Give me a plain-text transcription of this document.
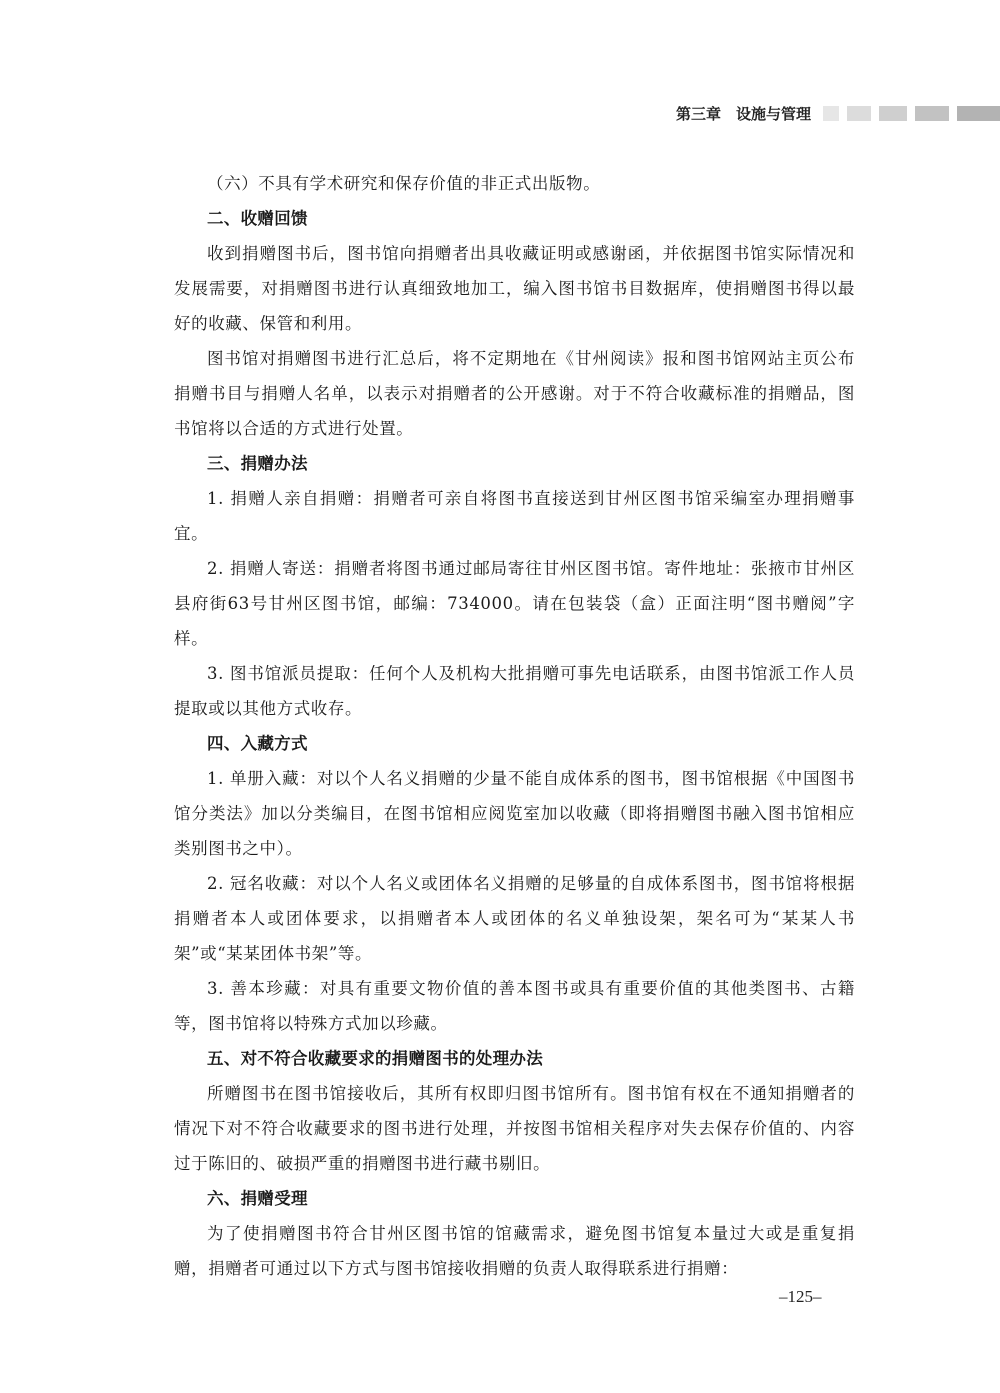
第三章　设施与管理

（六）不具有学术研究和保存价值的非正式出版物。

二、收赠回馈

收到捐赠图书后，图书馆向捐赠者出具收藏证明或感谢函，并依据图书馆实际情况和发展需要，对捐赠图书进行认真细致地加工，编入图书馆书目数据库，使捐赠图书得以最好的收藏、保管和利用。

图书馆对捐赠图书进行汇总后，将不定期地在《甘州阅读》报和图书馆网站主页公布捐赠书目与捐赠人名单，以表示对捐赠者的公开感谢。对于不符合收藏标准的捐赠品，图书馆将以合适的方式进行处置。

三、捐赠办法

1. 捐赠人亲自捐赠：捐赠者可亲自将图书直接送到甘州区图书馆采编室办理捐赠事宜。

2. 捐赠人寄送：捐赠者将图书通过邮局寄往甘州区图书馆。寄件地址：张掖市甘州区县府街63号甘州区图书馆，邮编：734000。请在包装袋（盒）正面注明“图书赠阅”字样。

3. 图书馆派员提取：任何个人及机构大批捐赠可事先电话联系，由图书馆派工作人员提取或以其他方式收存。

四、入藏方式

1. 单册入藏：对以个人名义捐赠的少量不能自成体系的图书，图书馆根据《中国图书馆分类法》加以分类编目，在图书馆相应阅览室加以收藏（即将捐赠图书融入图书馆相应类别图书之中）。

2. 冠名收藏：对以个人名义或团体名义捐赠的足够量的自成体系图书，图书馆将根据捐赠者本人或团体要求，以捐赠者本人或团体的名义单独设架，架名可为“某某人书架”或“某某团体书架”等。

3. 善本珍藏：对具有重要文物价值的善本图书或具有重要价值的其他类图书、古籍等，图书馆将以特殊方式加以珍藏。

五、对不符合收藏要求的捐赠图书的处理办法

所赠图书在图书馆接收后，其所有权即归图书馆所有。图书馆有权在不通知捐赠者的情况下对不符合收藏要求的图书进行处理，并按图书馆相关程序对失去保存价值的、内容过于陈旧的、破损严重的捐赠图书进行藏书剔旧。

六、捐赠受理

为了使捐赠图书符合甘州区图书馆的馆藏需求，避免图书馆复本量过大或是重复捐赠，捐赠者可通过以下方式与图书馆接收捐赠的负责人取得联系进行捐赠：

–125–
